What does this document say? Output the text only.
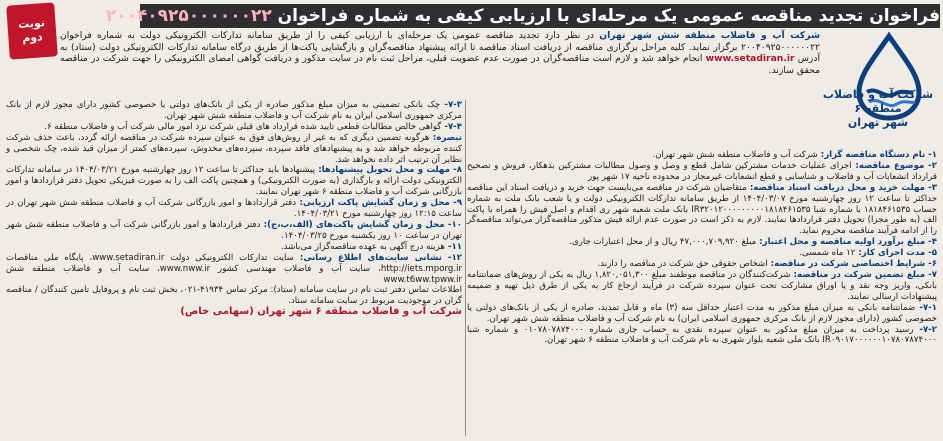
فراخوان تجدید مناقصه عمومی یک مرحله‌ای با ارزیابی کیفی به شماره فراخوان ۲۰۰۴۰۹۲۵۰۰۰۰۰۰۲۲
نوبت
دوم
شرکت آب و فاضلاب
منطقه ۶
شهر تهران
شرکت آب و فاضلاب منطقه شش شهر تهران در نظر دارد تجدید مناقصه عمومی یک مرحله‌ای با ارزیابی کیفی را از طریق سامانه تدارکات الکترونیکی دولت به شماره فراخوان ۲۰۰۴۰۹۲۵۰۰۰۰۰۰۲۲ برگزار نماید. کلیه مراحل برگزاری مناقصه از دریافت اسناد مناقصه تا ارائه پیشنهاد مناقصه‌گران و بازگشایی پاکت‌ها از طریق درگاه سامانه تدارکات الکترونیکی دولت (ستاد) به آدرس www.setadiran.ir انجام خواهد شد و لازم است مناقصه‌گران در صورت عدم عضویت قبلی، مراحل ثبت نام در سایت مذکور و دریافت گواهی امضای الکترونیکی را جهت شرکت در مناقصه محقق سازند.

۱- نام دستگاه مناقصه گزار: شرکت آب و فاضلاب منطقه شش شهر تهران.

۲- موضوع مناقصه: اجرای عملیات خدمات مشترکین شامل قطع و وصل و وصول مطالبات مشترکین بدهکار، فروش و تصحیح قرارداد انشعابات آب و فاضلاب و شناسایی و قطع انشعابات غیرمجاز در محدوده ناحیه ۱۷ شهر پور

۳- مهلت خرید و محل دریافت اسناد مناقصه: متقاضیان شرکت در مناقصه می‌بایست جهت خرید و دریافت اسناد این مناقصه حداکثر تا ساعت ۱۲ روز چهارشنبه مورخ ۱۴۰۴/۰۳/۰۷ از طریق سامانه تدارکات الکترونیکی دولت و یا شعب بانک ملت به شماره حساب ۱۸۱۸۴۶۱۵۳۵ با شماره شبا IR۳۲۰۱۲۰۰۰۰۰۰۰۰۰۱۸۱۸۴۶۱۵۳۵ بانک ملت شعبه شهر ری اقدام و اصل فیش را همراه با پاکت الف (به طور مجزا) تحویل دفتر قراردادها نمایند. لازم به ذکر است در صورت عدم ارائه فیش مذکور مناقصه‌گزار می‌تواند مناقصه‌گر را از ادامه فرآیند مناقصه محروم نماید.

۴- مبلغ برآورد اولیه مناقصه و محل اعتبار: مبلغ ۴۷,۰۰۰,۷۰۹,۹۲۰ ریال و از محل اعتبارات جاری.

۵- مدت اجرای کار: ۱۲ ماه شمسی.

۶- شرایط اختصاصی شرکت در مناقصه: اشخاص حقوقی حق شرکت در مناقصه را دارند.

۷- مبلغ تضمین شرکت در مناقصه: شرکت‌کنندگان در مناقصه موظفند مبلغ ۱,۸۲۰,۰۵۱,۳۰۰ ریال به یکی از روش‌های ضمانتنامه بانکی، واریز وجه نقد و یا اوراق مشارکت تحت عنوان سپرده شرکت در فرآیند ارجاع کار به یکی از طرق ذیل تهیه و ضمیمه پیشنهادات ارسالی نمایند.

۷-۱- ضمانتنامه بانکی به میزان مبلغ مذکور به مدت اعتبار حداقل سه (۳) ماه و قابل تمدید، صادره از یکی از بانک‌های دولتی یا خصوصی کشور (دارای مجوز لازم از بانک مرکزی جمهوری اسلامی ایران) به نام شرکت آب و فاضلاب منطقه شش شهر تهران.

۷-۲- رسید پرداخت به میزان مبلغ مذکور به عنوان سپرده نقدی به حساب جاری شماره ۰۱۰۷۸۰۷۸۷۴۰۰۰ و شماره شبا IR۰۹۰۱۷۰۰۰۰۰۰۱۰۷۸۰۷۸۷۴۰۰۰ بانک ملی شعبه بلوار شهری به نام شرکت آب و فاضلاب منطقه ۶ شهر تهران.

۷-۳- چک بانکی تضمینی به میزان مبلغ مذکور صادره از یکی از بانک‌های دولتی یا خصوصی کشور دارای مجوز لازم از بانک مرکزی جمهوری اسلامی ایران به نام شرکت آب و فاضلاب منطقه شش شهر تهران.

۷-۴- گواهی خالص مطالبات قطعی تایید شده قرارداد های قبلی شرکت نزد امور مالی شرکت آب و فاضلاب منطقه ۶.

تبصره: هرگونه تضمین دیگری که به غیر از روش‌های فوق به عنوان سپرده شرکت در مناقصه ارائه گردد، باعث حذف شرکت کننده مربوطه خواهد شد و به پیشنهادهای فاقد سپرده، سپرده‌های مخدوش، سپرده‌های کمتر از میزان قید شده، چک شخصی و نظایر آن ترتیب اثر داده نخواهد شد.

۸- مهلت و محل تحویل پیشنهادها: پیشنهادها باید حداکثر تا ساعت ۱۲ روز چهارشنبه مورخ ۱۴۰۴/۰۳/۲۱ در سامانه تدارکات الکترونیکی دولت ارائه و بارگذاری (به صورت الکترونیکی) و همچنین پاکت الف را به صورت فیزیکی تحویل دفتر قراردادها و امور بازرگانی شرکت آب و فاضلاب منطقه ۶ شهر تهران نمایند.

۹- محل و زمان گشایش پاکت ارزیابی: دفتر قراردادها و امور بازرگانی شرکت آب و فاضلاب منطقه شش شهر تهران در ساعت ۱۲:۱۵ روز چهارشنبه مورخ ۱۴۰۴/۰۳/۲۱.

۱۰- محل و زمان گشایش پاکت‌های (الف،ب،ج): دفتر قراردادها و امور بازرگانی شرکت آب و فاضلاب منطقه شش شهر تهران در ساعت ۱۰ روز یکشنبه مورخ ۱۴۰۴/۰۳/۲۵.

۱۱- هزینه درج آگهی به عهده مناقصه‌گزار می‌باشد.

۱۲- نشانی سایت‌های اطلاع رسانی: سایت تدارکات الکترونیکی دولت www.setadiran.ir، پایگاه ملی مناقصات http://iets.mporg.ir، سایت آب و فاضلاب مهندسی کشور www.nww.ir، سایت آب و فاضلاب منطقه شش www.t6ww.tpww.ir

اطلاعات تماس دفتر ثبت نام در سایت سامانه (ستاد): مرکز تماس ۴۱۹۳۴-۰۲۱، بخش ثبت نام و پروفایل تامین کنندگان / مناقصه گران در موجودیت مربوط در سایت سامانه ستاد.

شرکت آب و فاضلاب منطقه ۶ شهر تهران (سهامی خاص)
